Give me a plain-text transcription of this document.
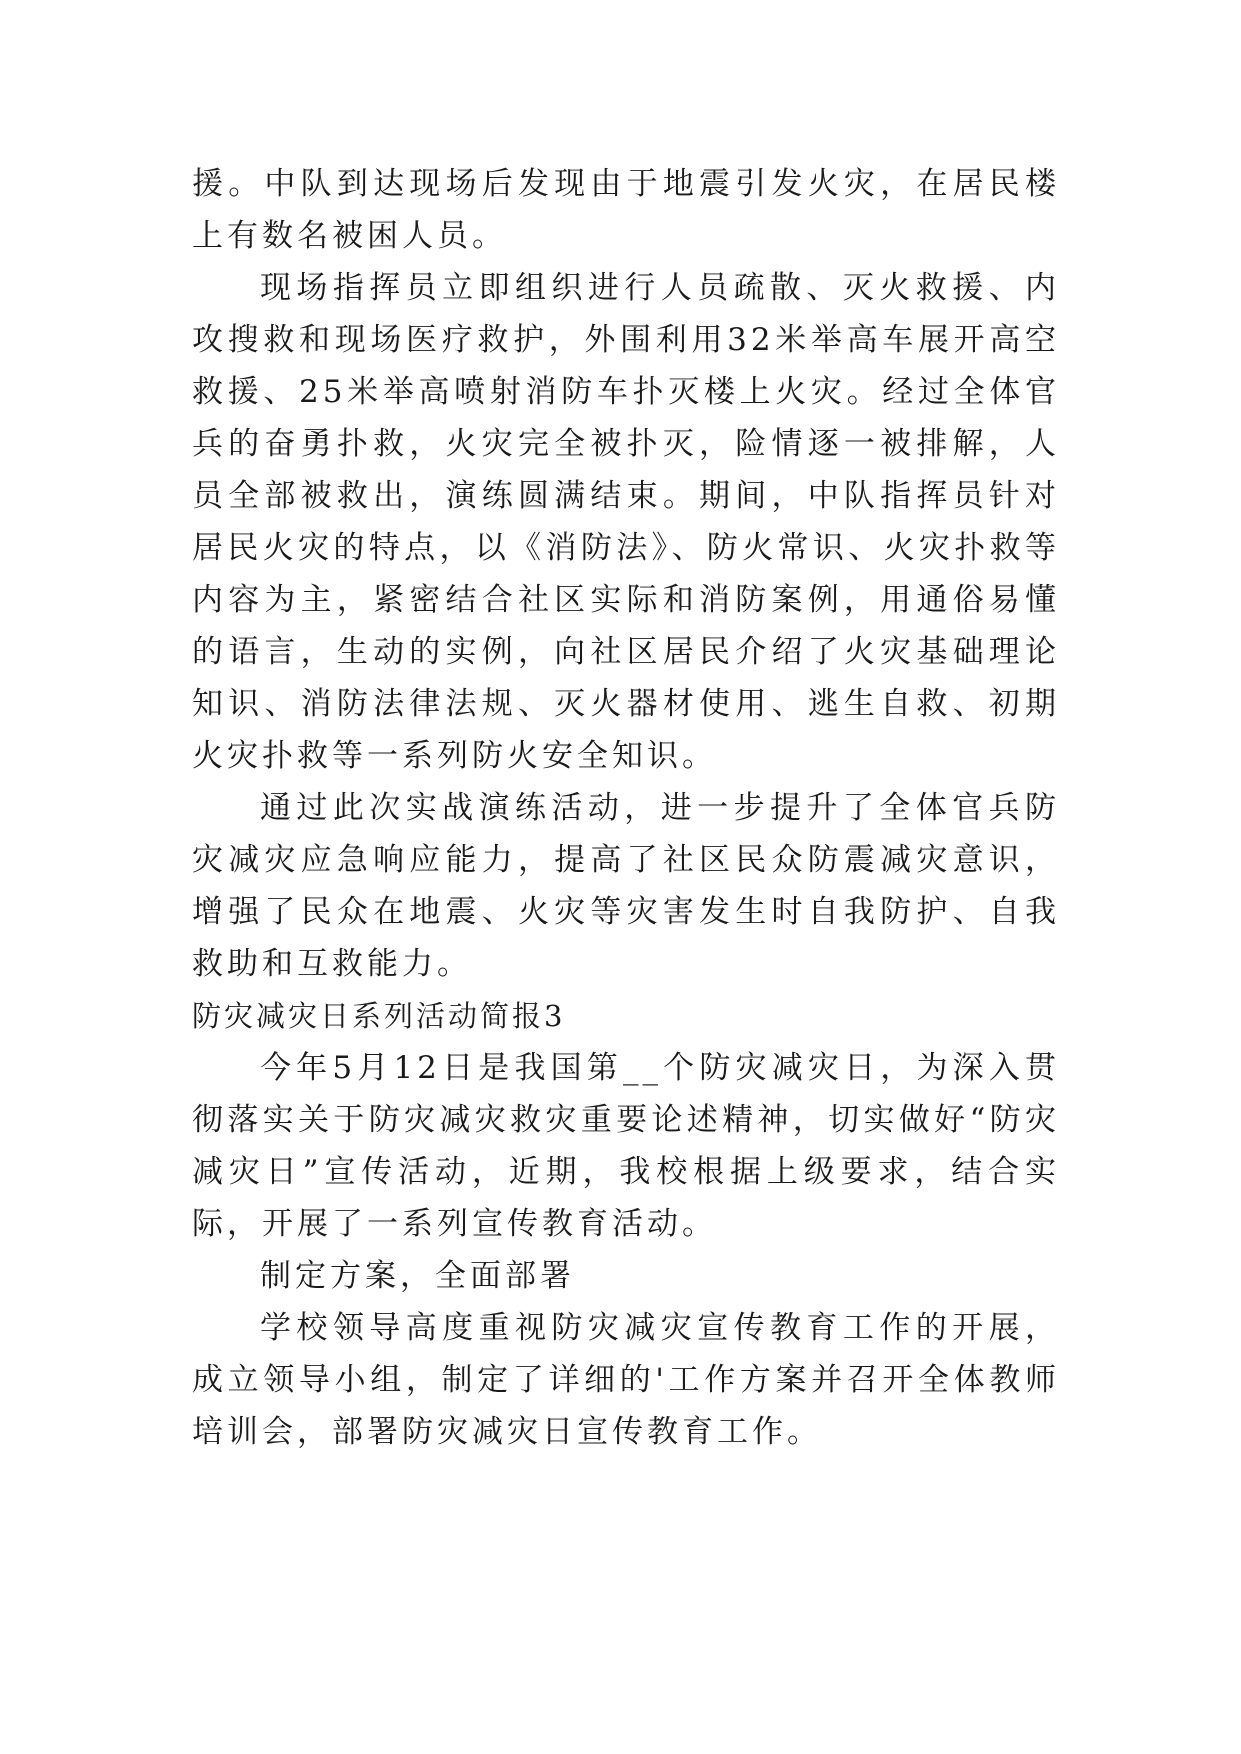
援。中队到达现场后发现由于地震引发火灾，在居民楼上有数名被困人员。

现场指挥员立即组织进行人员疏散、灭火救援、内攻搜救和现场医疗救护，外围利用32米举高车展开高空救援、25米举高喷射消防车扑灭楼上火灾。经过全体官兵的奋勇扑救，火灾完全被扑灭，险情逐一被排解，人员全部被救出，演练圆满结束。期间，中队指挥员针对居民火灾的特点，以《消防法》、防火常识、火灾扑救等内容为主，紧密结合社区实际和消防案例，用通俗易懂的语言，生动的实例，向社区居民介绍了火灾基础理论知识、消防法律法规、灭火器材使用、逃生自救、初期火灾扑救等一系列防火安全知识。

通过此次实战演练活动，进一步提升了全体官兵防灾减灾应急响应能力，提高了社区民众防震减灾意识，增强了民众在地震、火灾等灾害发生时自我防护、自我救助和互救能力。

防灾减灾日系列活动简报3

今年5月12日是我国第__个防灾减灾日，为深入贯彻落实关于防灾减灾救灾重要论述精神，切实做好“防灾减灾日”宣传活动，近期，我校根据上级要求，结合实际，开展了一系列宣传教育活动。

制定方案，全面部署

学校领导高度重视防灾减灾宣传教育工作的开展，成立领导小组，制定了详细的'工作方案并召开全体教师培训会，部署防灾减灾日宣传教育工作。
